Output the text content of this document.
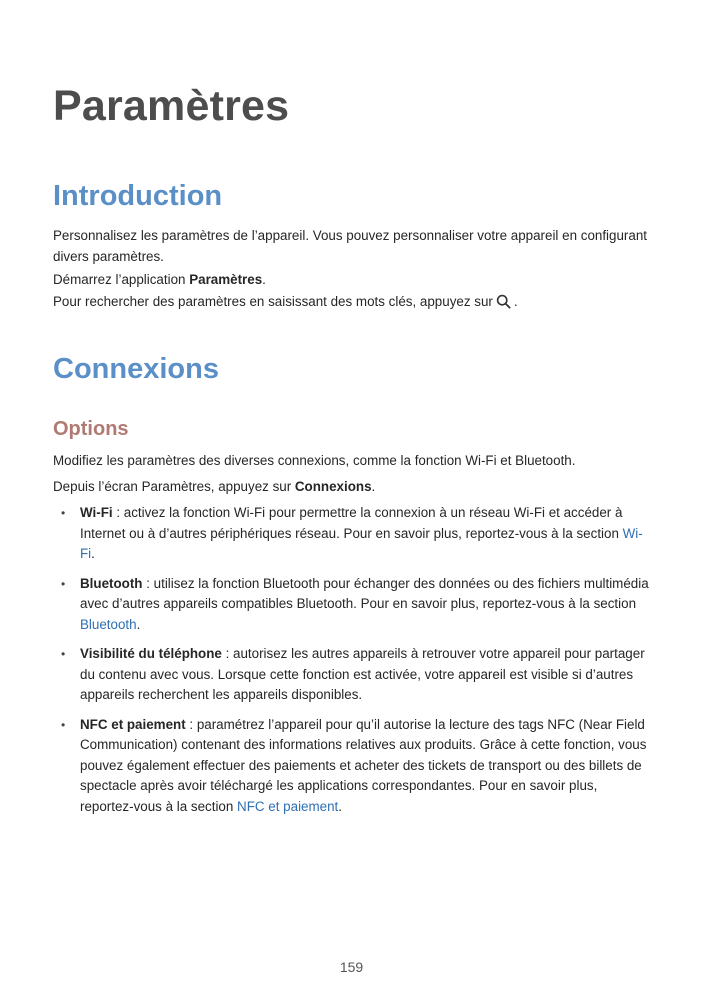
Paramètres
Introduction

Personnalisez les paramètres de l’appareil. Vous pouvez personnaliser votre appareil en configurant divers paramètres.

Démarrez l’application Paramètres.

Pour rechercher des paramètres en saisissant des mots clés, appuyez sur .

Connexions
Options

Modifiez les paramètres des diverses connexions, comme la fonction Wi-Fi et Bluetooth.

Depuis l’écran Paramètres, appuyez sur Connexions.

• Wi-Fi : activez la fonction Wi-Fi pour permettre la connexion à un réseau Wi-Fi et accéder à Internet ou à d’autres périphériques réseau. Pour en savoir plus, reportez-vous à la section Wi-Fi.
• Bluetooth : utilisez la fonction Bluetooth pour échanger des données ou des fichiers multimédia avec d’autres appareils compatibles Bluetooth. Pour en savoir plus, reportez-vous à la section Bluetooth.
• Visibilité du téléphone : autorisez les autres appareils à retrouver votre appareil pour partager du contenu avec vous. Lorsque cette fonction est activée, votre appareil est visible si d’autres appareils recherchent les appareils disponibles.
• NFC et paiement : paramétrez l’appareil pour qu’il autorise la lecture des tags NFC (Near Field Communication) contenant des informations relatives aux produits. Grâce à cette fonction, vous pouvez également effectuer des paiements et acheter des tickets de transport ou des billets de spectacle après avoir téléchargé les applications correspondantes. Pour en savoir plus, reportez-vous à la section NFC et paiement.
159
